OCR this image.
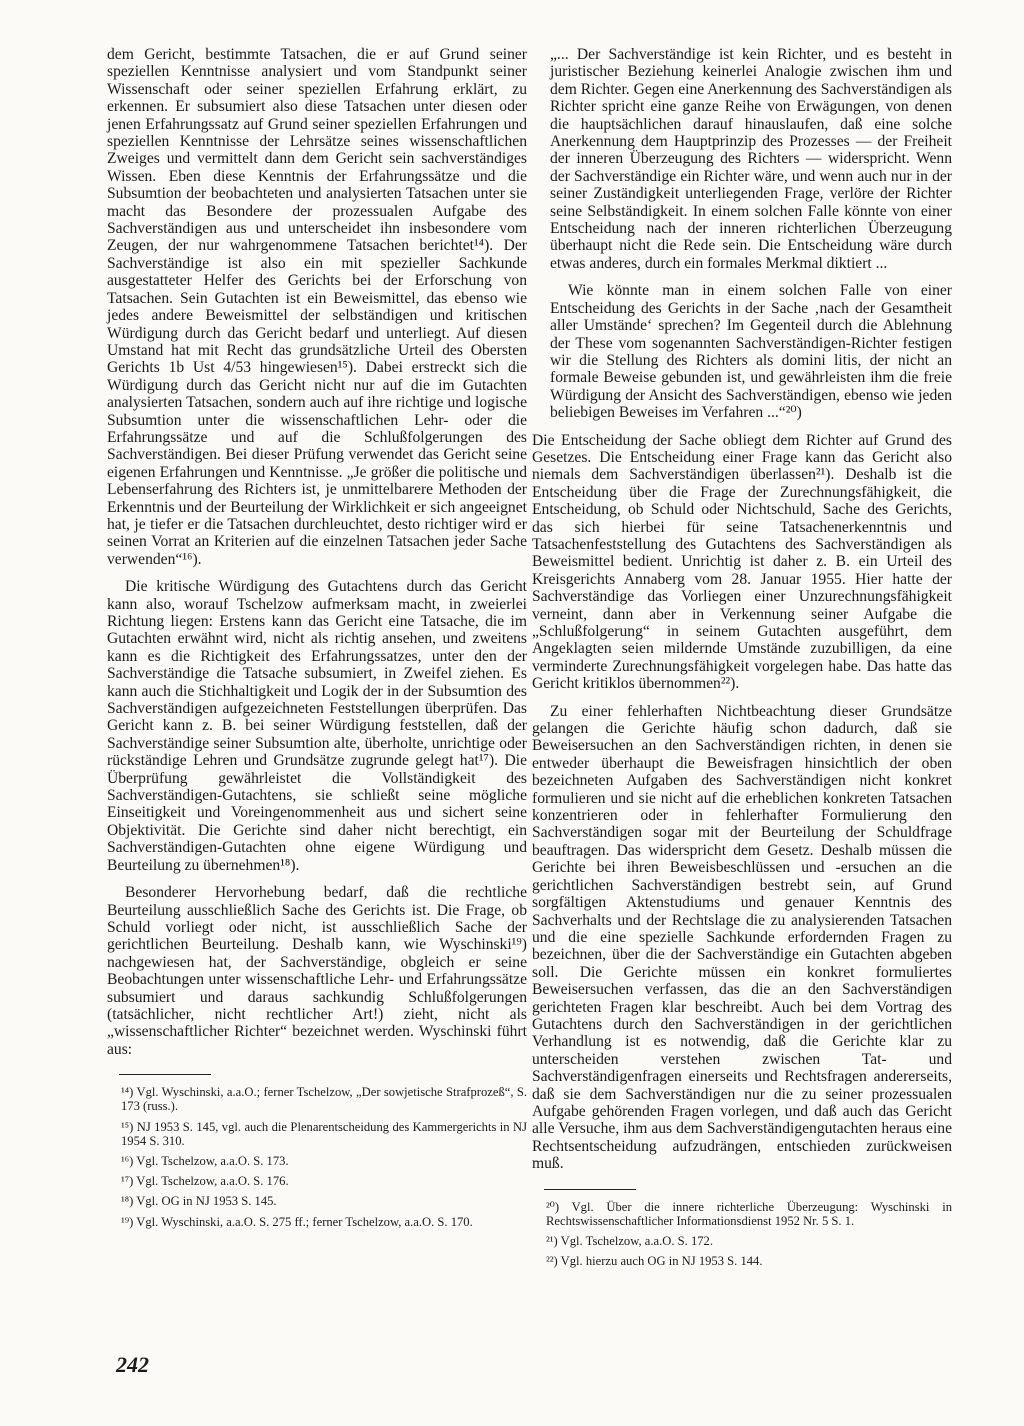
dem Gericht, bestimmte Tatsachen, die er auf Grund seiner speziellen Kenntnisse analysiert und vom Standpunkt seiner Wissenschaft oder seiner speziellen Erfahrung erklärt, zu erkennen. Er subsumiert also diese Tatsachen unter diesen oder jenen Erfahrungssatz auf Grund seiner speziellen Erfahrungen und speziellen Kenntnisse der Lehrsätze seines wissenschaftlichen Zweiges und vermittelt dann dem Gericht sein sachverständiges Wissen. Eben diese Kenntnis der Erfahrungssätze und die Subsumtion der beobachteten und analysierten Tatsachen unter sie macht das Besondere der prozessualen Aufgabe des Sachverständigen aus und unterscheidet ihn insbesondere vom Zeugen, der nur wahrgenommene Tatsachen berichtet¹⁴). Der Sachverständige ist also ein mit spezieller Sachkunde ausgestatteter Helfer des Gerichts bei der Erforschung von Tatsachen. Sein Gutachten ist ein Beweismittel, das ebenso wie jedes andere Beweismittel der selbständigen und kritischen Würdigung durch das Gericht bedarf und unterliegt. Auf diesen Umstand hat mit Recht das grundsätzliche Urteil des Obersten Gerichts 1b Ust 4/53 hingewiesen¹⁵). Dabei erstreckt sich die Würdigung durch das Gericht nicht nur auf die im Gutachten analysierten Tatsachen, sondern auch auf ihre richtige und logische Subsumtion unter die wissenschaftlichen Lehr- oder die Erfahrungssätze und auf die Schlußfolgerungen des Sachverständigen. Bei dieser Prüfung verwendet das Gericht seine eigenen Erfahrungen und Kenntnisse. „Je größer die politische und Lebenserfahrung des Richters ist, je unmittelbarere Methoden der Erkenntnis und der Beurteilung der Wirklichkeit er sich angeeignet hat, je tiefer er die Tatsachen durchleuchtet, desto richtiger wird er seinen Vorrat an Kriterien auf die einzelnen Tatsachen jeder Sache verwenden“¹⁶).

Die kritische Würdigung des Gutachtens durch das Gericht kann also, worauf Tschelzow aufmerksam macht, in zweierlei Richtung liegen: Erstens kann das Gericht eine Tatsache, die im Gutachten erwähnt wird, nicht als richtig ansehen, und zweitens kann es die Richtigkeit des Erfahrungssatzes, unter den der Sachverständige die Tatsache subsumiert, in Zweifel ziehen. Es kann auch die Stichhaltigkeit und Logik der in der Subsumtion des Sachverständigen aufgezeichneten Feststellungen überprüfen. Das Gericht kann z. B. bei seiner Würdigung feststellen, daß der Sachverständige seiner Subsumtion alte, überholte, unrichtige oder rückständige Lehren und Grundsätze zugrunde gelegt hat¹⁷). Die Überprüfung gewährleistet die Vollständigkeit des Sachverständigen-Gutachtens, sie schließt seine mögliche Einseitigkeit und Voreingenommenheit aus und sichert seine Objektivität. Die Gerichte sind daher nicht berechtigt, ein Sachverständigen-Gutachten ohne eigene Würdigung und Beurteilung zu übernehmen¹⁸).

Besonderer Hervorhebung bedarf, daß die rechtliche Beurteilung ausschließlich Sache des Gerichts ist. Die Frage, ob Schuld vorliegt oder nicht, ist ausschließlich Sache der gerichtlichen Beurteilung. Deshalb kann, wie Wyschinski¹⁹) nachgewiesen hat, der Sachverständige, obgleich er seine Beobachtungen unter wissenschaftliche Lehr- und Erfahrungssätze subsumiert und daraus sachkundig Schlußfolgerungen (tatsächlicher, nicht rechtlicher Art!) zieht, nicht als „wissenschaftlicher Richter“ bezeichnet werden. Wyschinski führt aus:

¹⁴) Vgl. Wyschinski, a.a.O.; ferner Tschelzow, „Der sowjetische Strafprozeß“, S. 173 (russ.).

¹⁵) NJ 1953 S. 145, vgl. auch die Plenarentscheidung des Kammergerichts in NJ 1954 S. 310.

¹⁶) Vgl. Tschelzow, a.a.O. S. 173.

¹⁷) Vgl. Tschelzow, a.a.O. S. 176.

¹⁸) Vgl. OG in NJ 1953 S. 145.

¹⁹) Vgl. Wyschinski, a.a.O. S. 275 ff.; ferner Tschelzow, a.a.O. S. 170.

„... Der Sachverständige ist kein Richter, und es besteht in juristischer Beziehung keinerlei Analogie zwischen ihm und dem Richter. Gegen eine Anerkennung des Sachverständigen als Richter spricht eine ganze Reihe von Erwägungen, von denen die hauptsächlichen darauf hinauslaufen, daß eine solche Anerkennung dem Hauptprinzip des Prozesses — der Freiheit der inneren Überzeugung des Richters — widerspricht. Wenn der Sachverständige ein Richter wäre, und wenn auch nur in der seiner Zuständigkeit unterliegenden Frage, verlöre der Richter seine Selbständigkeit. In einem solchen Falle könnte von einer Entscheidung nach der inneren richterlichen Überzeugung überhaupt nicht die Rede sein. Die Entscheidung wäre durch etwas anderes, durch ein formales Merkmal diktiert ...

Wie könnte man in einem solchen Falle von einer Entscheidung des Gerichts in der Sache ‚nach der Gesamtheit aller Umstände‘ sprechen? Im Gegenteil durch die Ablehnung der These vom sogenannten Sachverständigen-Richter festigen wir die Stellung des Richters als domini litis, der nicht an formale Beweise gebunden ist, und gewährleisten ihm die freie Würdigung der Ansicht des Sachverständigen, ebenso wie jeden beliebigen Beweises im Verfahren ...“²⁰)

Die Entscheidung der Sache obliegt dem Richter auf Grund des Gesetzes. Die Entscheidung einer Frage kann das Gericht also niemals dem Sachverständigen überlassen²¹). Deshalb ist die Entscheidung über die Frage der Zurechnungsfähigkeit, die Entscheidung, ob Schuld oder Nichtschuld, Sache des Gerichts, das sich hierbei für seine Tatsachenerkenntnis und Tatsachenfeststellung des Gutachtens des Sachverständigen als Beweismittel bedient. Unrichtig ist daher z. B. ein Urteil des Kreisgerichts Annaberg vom 28. Januar 1955. Hier hatte der Sachverständige das Vorliegen einer Unzurechnungsfähigkeit verneint, dann aber in Verkennung seiner Aufgabe die „Schlußfolgerung“ in seinem Gutachten ausgeführt, dem Angeklagten seien mildernde Umstände zuzubilligen, da eine verminderte Zurechnungsfähigkeit vorgelegen habe. Das hatte das Gericht kritiklos übernommen²²).

Zu einer fehlerhaften Nichtbeachtung dieser Grundsätze gelangen die Gerichte häufig schon dadurch, daß sie Beweisersuchen an den Sachverständigen richten, in denen sie entweder überhaupt die Beweisfragen hinsichtlich der oben bezeichneten Aufgaben des Sachverständigen nicht konkret formulieren und sie nicht auf die erheblichen konkreten Tatsachen konzentrieren oder in fehlerhafter Formulierung den Sachverständigen sogar mit der Beurteilung der Schuldfrage beauftragen. Das widerspricht dem Gesetz. Deshalb müssen die Gerichte bei ihren Beweisbeschlüssen und -ersuchen an die gerichtlichen Sachverständigen bestrebt sein, auf Grund sorgfältigen Aktenstudiums und genauer Kenntnis des Sachverhalts und der Rechtslage die zu analysierenden Tatsachen und die eine spezielle Sachkunde erfordernden Fragen zu bezeichnen, über die der Sachverständige ein Gutachten abgeben soll. Die Gerichte müssen ein konkret formuliertes Beweisersuchen verfassen, das die an den Sachverständigen gerichteten Fragen klar beschreibt. Auch bei dem Vortrag des Gutachtens durch den Sachverständigen in der gerichtlichen Verhandlung ist es notwendig, daß die Gerichte klar zu unterscheiden verstehen zwischen Tat- und Sachverständigenfragen einerseits und Rechtsfragen andererseits, daß sie dem Sachverständigen nur die zu seiner prozessualen Aufgabe gehörenden Fragen vorlegen, und daß auch das Gericht alle Versuche, ihm aus dem Sachverständigengutachten heraus eine Rechtsentscheidung aufzudrängen, entschieden zurückweisen muß.

²⁰) Vgl. Über die innere richterliche Überzeugung: Wyschinski in Rechtswissenschaftlicher Informationsdienst 1952 Nr. 5 S. 1.

²¹) Vgl. Tschelzow, a.a.O. S. 172.

²²) Vgl. hierzu auch OG in NJ 1953 S. 144.

242
